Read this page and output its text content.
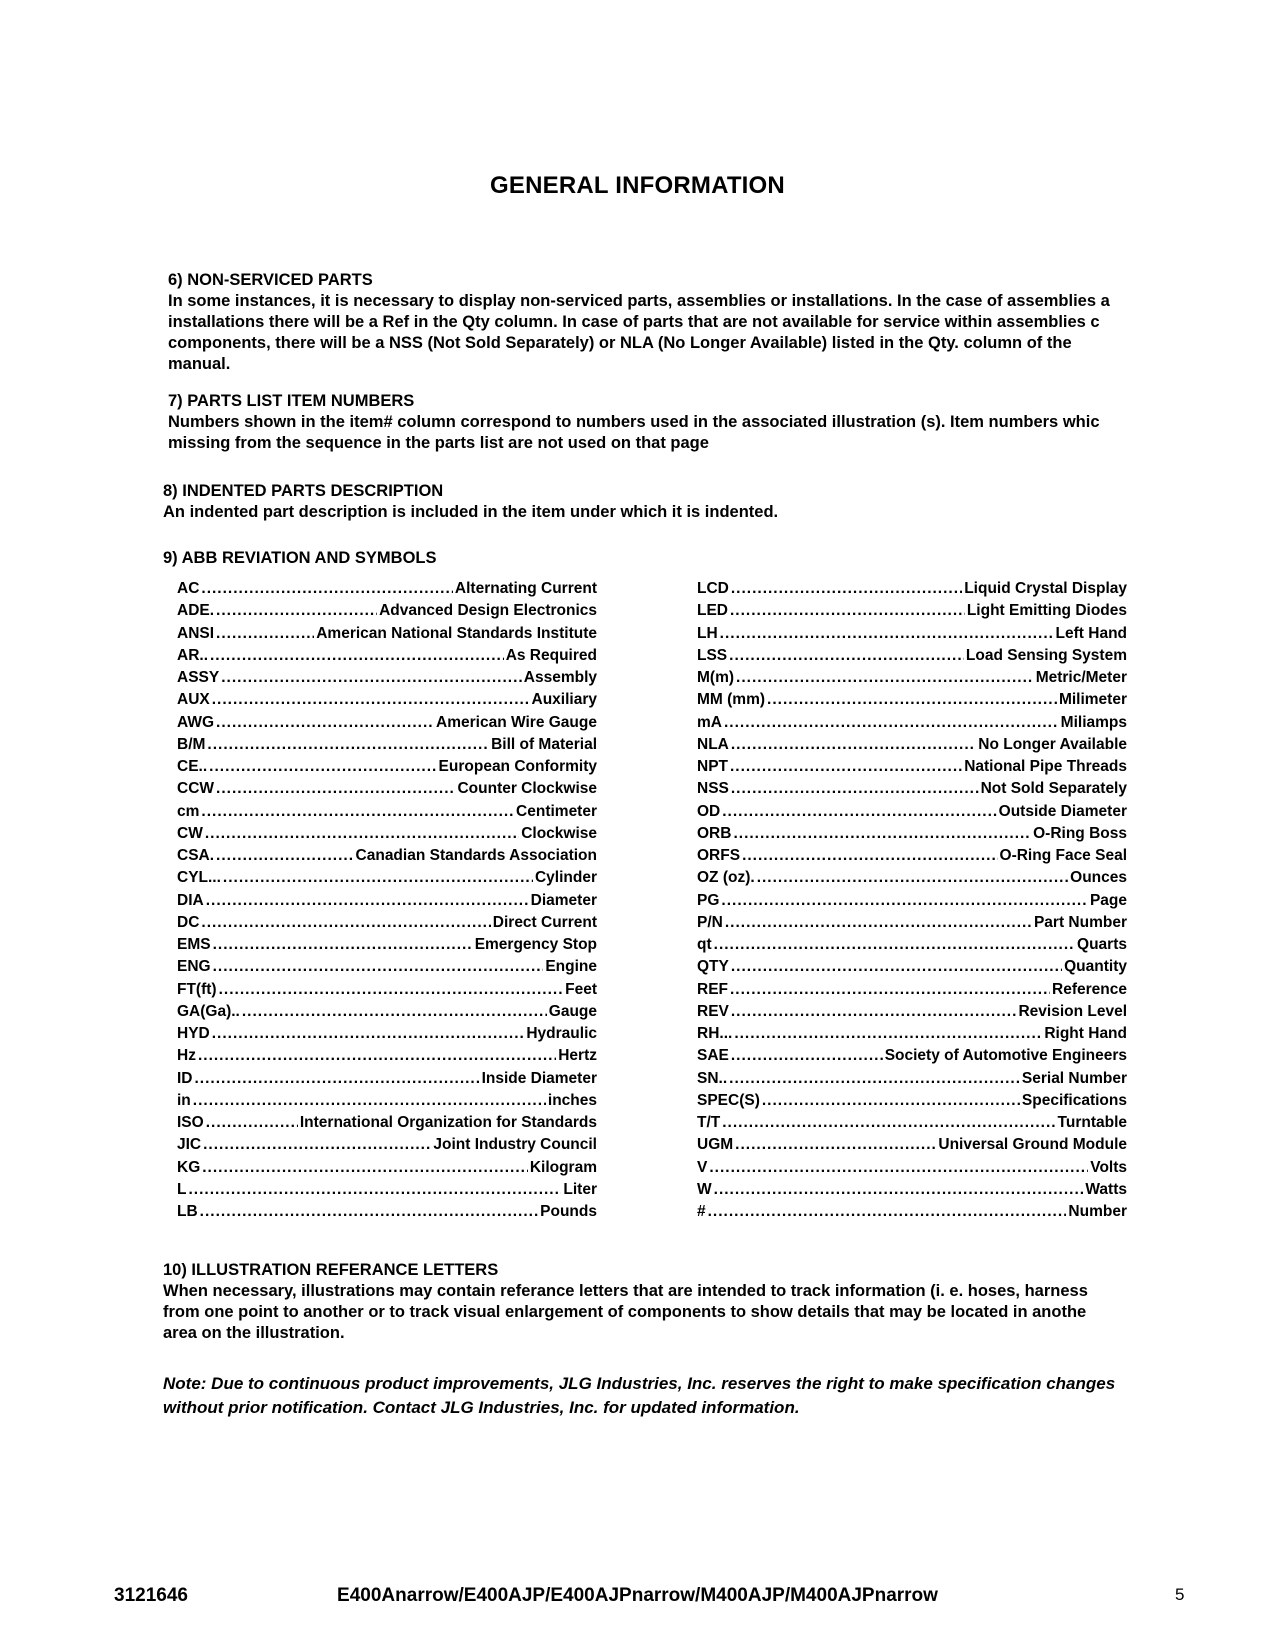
GENERAL INFORMATION
6) NON-SERVICED PARTS
In some instances, it is necessary to display non-serviced parts, assemblies or installations. In the case of assemblies a
installations there will be a Ref in the Qty column. In case of parts that are not available for service within assemblies c
components, there will be a NSS (Not Sold Separately) or NLA (No Longer Available) listed in the Qty. column of the
manual.
7) PARTS LIST ITEM NUMBERS
Numbers shown in the item# column correspond to numbers used in the associated illustration (s). Item numbers whic
missing from the sequence in the parts list are not used on that page
8) INDENTED PARTS DESCRIPTION
An indented part description is included in the item under which it is indented.
9) ABB REVIATION AND SYMBOLS
AC .....	Alternating Current
ADE. .....	Advanced Design Electronics
ANSI .....	American National Standards Institute
AR.. .....	As Required
ASSY .....	Assembly
AUX .....	Auxiliary
AWG .....	American Wire Gauge
B/M .....	Bill of Material
CE.. .....	European Conformity
CCW .....	Counter Clockwise
cm .....	Centimeter
CW .....	Clockwise
CSA. .....	Canadian Standards Association
CYL... .....	Cylinder
DIA .....	Diameter
DC .....	Direct Current
EMS .....	Emergency Stop
ENG .....	Engine
FT(ft) .....	Feet
GA(Ga).. .....	Gauge
HYD .....	Hydraulic
Hz .....	Hertz
ID .....	Inside Diameter
in .....	inches
ISO .....	International Organization for Standards
JIC .....	Joint Industry Council
KG .....	Kilogram
L .....	Liter
LB .....	Pounds
LCD .....	Liquid Crystal Display
LED .....	Light Emitting Diodes
LH .....	Left Hand
LSS .....	Load Sensing System
M(m) .....	Metric/Meter
MM (mm) .....	Milimeter
mA .....	Miliamps
NLA .....	No Longer Available
NPT .....	National Pipe Threads
NSS .....	Not Sold Separately
OD .....	Outside Diameter
ORB .....	O-Ring Boss
ORFS .....	O-Ring Face Seal
OZ (oz). .....	Ounces
PG .....	Page
P/N .....	Part Number
qt .....	Quarts
QTY .....	Quantity
REF .....	Reference
REV .....	Revision Level
RH... .....	Right Hand
SAE .....	Society of Automotive Engineers
SN.. .....	Serial Number
SPEC(S) .....	Specifications
T/T .....	Turntable
UGM .....	Universal Ground Module
V .....	Volts
W .....	Watts
# .....	Number
10) ILLUSTRATION REFERANCE LETTERS
When necessary, illustrations may contain referance letters that are intended to track information (i. e. hoses, harness
from one point to another or to track visual enlargement of components to show details that may be located in anothe
area on the illustration.
Note: Due to continuous product improvements, JLG Industries, Inc. reserves the right to make specification changes
without prior notification. Contact JLG Industries, Inc. for updated information.
3121646	E400Anarrow/E400AJP/E400AJPnarrow/M400AJP/M400AJPnarrow	5
